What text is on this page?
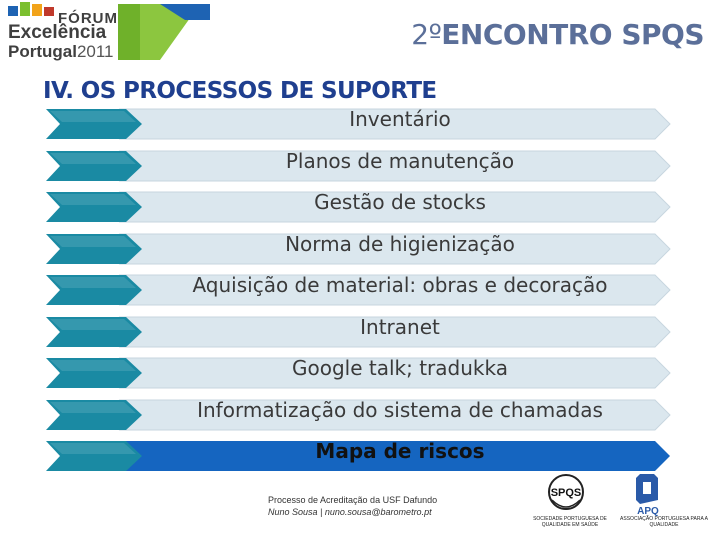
FÓRUM
Excelência
Portugal2011
2ºENCONTRO SPQS
IV. OS PROCESSOS DE SUPORTE
Inventário
Planos de manutenção
Gestão de stocks
Norma de higienização
Aquisição de material: obras e decoração
Intranet
Google talk; tradukka
Informatização do sistema de chamadas
Mapa de riscos
Processo de Acreditação da USF Dafundo
Nuno Sousa | nuno.sousa@barometro.pt
SPQS
SOCIEDADE PORTUGUESA DE QUALIDADE EM SAÚDE
APQ
ASSOCIAÇÃO PORTUGUESA PARA A QUALIDADE
